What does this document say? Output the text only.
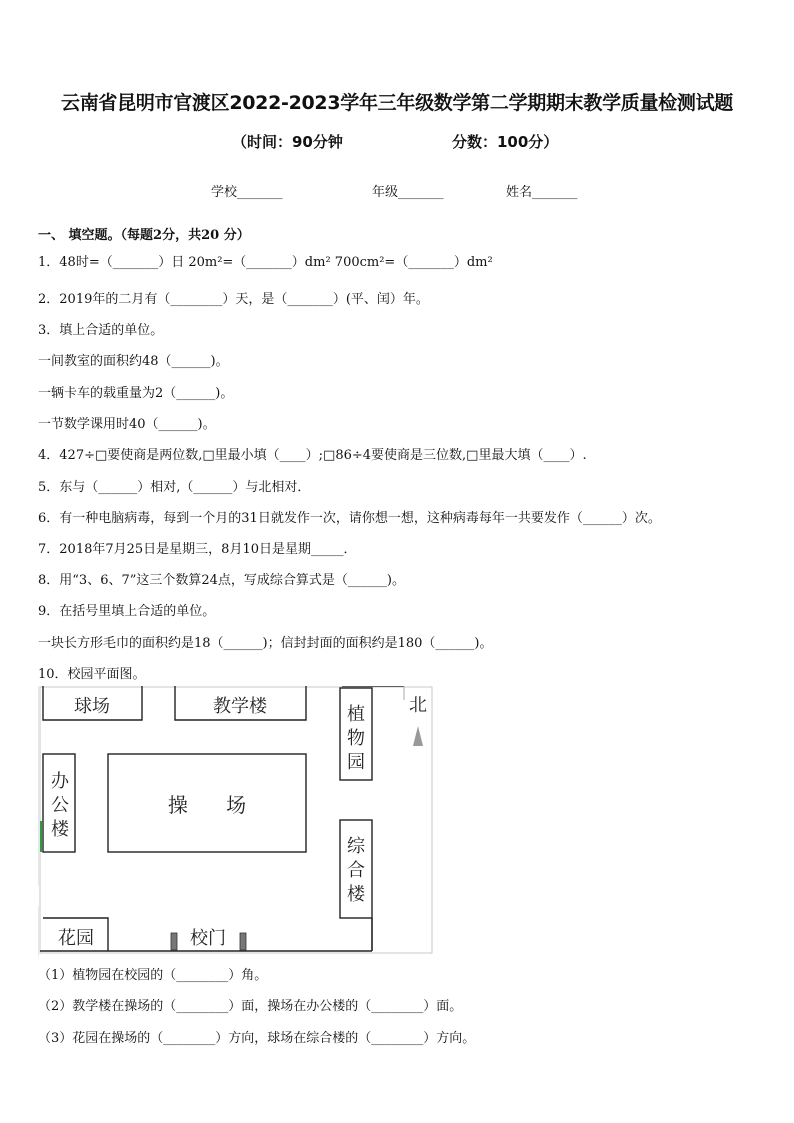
云南省昆明市官渡区2022-2023学年三年级数学第二学期期末教学质量检测试题
（时间：90分钟	分数：100分）
学校_______	年级_______	姓名_______
一、 填空题。（每题2分，共20 分）
1．48时=（_______）日 20m²=（_______）dm² 700cm²=（_______）dm²
2．2019年的二月有（________）天，是（_______）(平、闰）年。
3．填上合适的单位。
一间教室的面积约48（______)。
一辆卡车的载重量为2（______)。
一节数学课用时40（______)。
4．427÷□要使商是两位数,□里最小填（____）;□86÷4要使商是三位数,□里最大填（____）.
5．东与（______）相对,（______）与北相对．
6．有一种电脑病毒，每到一个月的31日就发作一次，请你想一想，这种病毒每年一共要发作（______）次。
7．2018年7月25日是星期三，8月10日是星期_____．
8．用“3、6、7”这三个数算24点，写成综合算式是（______)。
9．在括号里填上合适的单位。
一块长方形毛巾的面积约是18（______)；信封封面的面积约是180（______)。
10．校园平面图。
球场	教学楼	植
物
园
北
办
公
楼
操      场
综
合
楼
花园	校门
（1）植物园在校园的（________）角。
（2）教学楼在操场的（________）面，操场在办公楼的（________）面。
（3）花园在操场的（________）方向，球场在综合楼的（________）方向。
